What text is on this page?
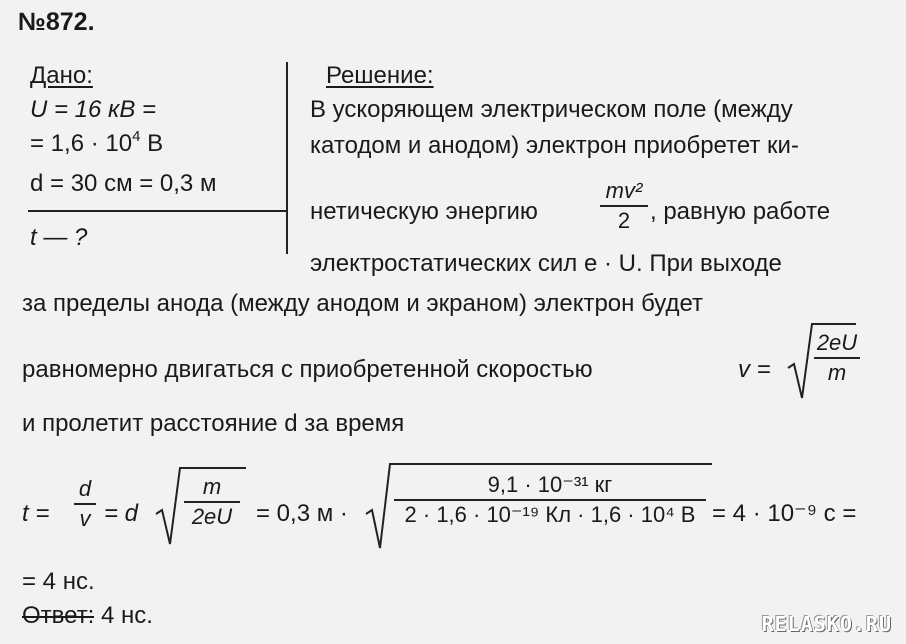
№872.
Дано:
U = 16 кВ =
= $1,6 \cdot 10^4$ В
d = 30 см = 0,3 м
t — ?
Решение:
В ускоряющем электрическом поле (между
катодом и анодом) электрон приобретет ки-
нетическую энергию
mv²
2 , равную работе
электростатических сил e · U. При выходе
за пределы анода (между анодом и экраном) электрон будет
равномерно двигаться с приобретенной скоростью	v =
2eU
m
и пролетит расстояние d за время
t =
d
v = d
m
2eU = 0,3 м ·
9,1 · 10⁻³¹ кг
2 · 1,6 · 10⁻¹⁹ Кл · 1,6 · 10⁴ В = 4 · 10⁻⁹ с =
= 4 нс.
Ответ: 4 нс.	RELASKO.RU
